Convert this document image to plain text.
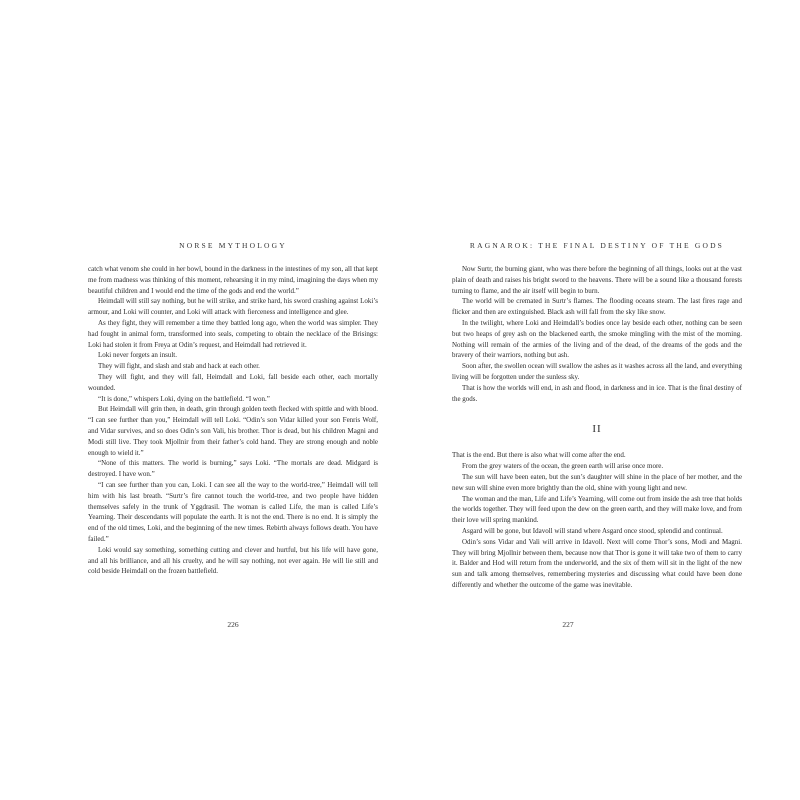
NORSE MYTHOLOGY

catch what venom she could in her bowl, bound in the darkness in the intestines of my son, all that kept me from madness was thinking of this moment, rehearsing it in my mind, imagining the days when my beautiful children and I would end the time of the gods and end the world.”

Heimdall will still say nothing, but he will strike, and strike hard, his sword crashing against Loki’s armour, and Loki will counter, and Loki will attack with fierceness and intelligence and glee.

As they fight, they will remember a time they battled long ago, when the world was simpler. They had fought in animal form, transformed into seals, competing to obtain the necklace of the Brisings: Loki had stolen it from Freya at Odin’s request, and Heimdall had retrieved it.

Loki never forgets an insult.

They will fight, and slash and stab and hack at each other.

They will fight, and they will fall, Heimdall and Loki, fall beside each other, each mortally wounded.

“It is done,” whispers Loki, dying on the battlefield. “I won.”

But Heimdall will grin then, in death, grin through golden teeth flecked with spittle and with blood. “I can see further than you,” Heimdall will tell Loki. “Odin’s son Vidar killed your son Fenris Wolf, and Vidar survives, and so does Odin’s son Vali, his brother. Thor is dead, but his children Magni and Modi still live. They took Mjollnir from their father’s cold hand. They are strong enough and noble enough to wield it.”

“None of this matters. The world is burning,” says Loki. “The mortals are dead. Midgard is destroyed. I have won.”

“I can see further than you can, Loki. I can see all the way to the world-tree,” Heimdall will tell him with his last breath. “Surtr’s fire cannot touch the world-tree, and two people have hidden themselves safely in the trunk of Yggdrasil. The woman is called Life, the man is called Life’s Yearning. Their descendants will populate the earth. It is not the end. There is no end. It is simply the end of the old times, Loki, and the beginning of the new times. Rebirth always follows death. You have failed.”

Loki would say something, something cutting and clever and hurtful, but his life will have gone, and all his brilliance, and all his cruelty, and he will say nothing, not ever again. He will lie still and cold beside Heimdall on the frozen battlefield.

226
RAGNAROK: THE FINAL DESTINY OF THE GODS

Now Surtr, the burning giant, who was there before the beginning of all things, looks out at the vast plain of death and raises his bright sword to the heavens. There will be a sound like a thousand forests turning to flame, and the air itself will begin to burn.

The world will be cremated in Surtr’s flames. The flooding oceans steam. The last fires rage and flicker and then are extinguished. Black ash will fall from the sky like snow.

In the twilight, where Loki and Heimdall’s bodies once lay beside each other, nothing can be seen but two heaps of grey ash on the blackened earth, the smoke mingling with the mist of the morning. Nothing will remain of the armies of the living and of the dead, of the dreams of the gods and the bravery of their warriors, nothing but ash.

Soon after, the swollen ocean will swallow the ashes as it washes across all the land, and everything living will be forgotten under the sunless sky.

That is how the worlds will end, in ash and flood, in darkness and in ice. That is the final destiny of the gods.

II

That is the end. But there is also what will come after the end.

From the grey waters of the ocean, the green earth will arise once more.

The sun will have been eaten, but the sun’s daughter will shine in the place of her mother, and the new sun will shine even more brightly than the old, shine with young light and new.

The woman and the man, Life and Life’s Yearning, will come out from inside the ash tree that holds the worlds together. They will feed upon the dew on the green earth, and they will make love, and from their love will spring mankind.

Asgard will be gone, but Idavoll will stand where Asgard once stood, splendid and continual.

Odin’s sons Vidar and Vali will arrive in Idavoll. Next will come Thor’s sons, Modi and Magni. They will bring Mjollnir between them, because now that Thor is gone it will take two of them to carry it. Balder and Hod will return from the underworld, and the six of them will sit in the light of the new sun and talk among themselves, remembering mysteries and discussing what could have been done differently and whether the outcome of the game was inevitable.

227
